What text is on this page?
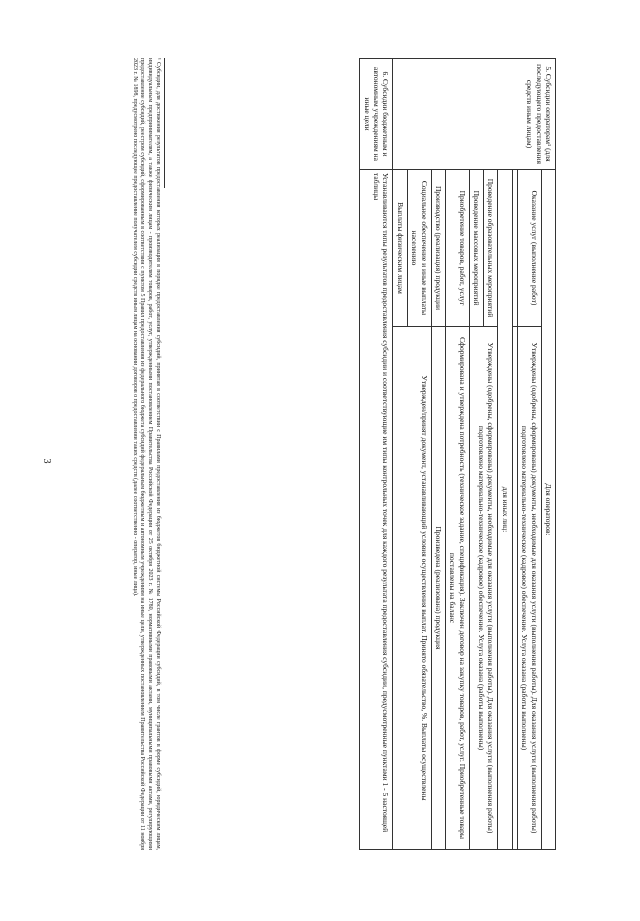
3
5. Субсидии операторам¹ (для последующего предоставления средств иным лицам)	Для операторов:	
	Оказание услуг (выполнение работ)	Утверждены (одобрены, сформированы) документы, необходимые для оказания услуги (выполнения работы). Для оказания услуги (выполнения работы) подготовлено материально-техническое (кадровое) обеспечение. Услуга оказана (работы выполнены)

	для иных лиц:	
	Проведение образовательных мероприятий	Утверждены (одобрены, сформированы) документы, необходимые для оказания услуги (выполнения работы). Для оказания услуги (выполнения работы) подготовлено материально-техническое (кадровое) обеспечение. Услуга оказана (работы выполнены)
	Проведение массовых мероприятий	
	Приобретение товаров, работ, услуг	Сформирована и утверждена потребность (техническое задание, спецификация). Заключен договор на закупку товаров, работ, услуг. Приобретенные товары поставлены на баланс
	Производство (реализация) продукции	Произведена (реализована) продукция
	Социальное обеспечение и иные выплаты населению	Утвержден/принят документ, устанавливающий условия осуществления выплат. Принято обязательство, %. Выплаты осуществлены
	Выплаты физическим лицам	
6. Субсидии бюджетным и автономным учреждениям на иные цели	Устанавливаются типы результатов предоставления субсидии и соответствующие им типы контрольных точек для каждого результата предоставления субсидии, предусмотренные пунктами 1 - 5 настоящей таблицы	
¹ Субсидии, для достижения результатов предоставления которых реализация в порядке предоставления субсидий, принятая в соответствии с Правилами предоставления из бюджетов бюджетной системы Российской Федерации субсидий, в том числе грантов в форме субсидий, юридическим лицам, индивидуальным предпринимателям, а также физическим лицам - производителям товаров, работ, услуг, утвержденными постановлением Правительства Российской Федерации от 25 октября 2023 г. № 1780, нормативными правовыми актами, муниципальными правовыми актами, регулирующими предоставление субсидий, реестром субсидий, сформированным в соответствии с пунктом 5 Правил предоставления из федерального бюджета субсидий федеральным бюджетным и автономным учреждениям на иные цели, утвержденных постановлением Правительства Российской Федерации от 11 ноября 2023 г. № 1898, предусмотрено последующее предоставление получателем субсидии средств иным лицам на основании договоров о предоставлении таких средств (далее соответственно - оператор, иные лица).
